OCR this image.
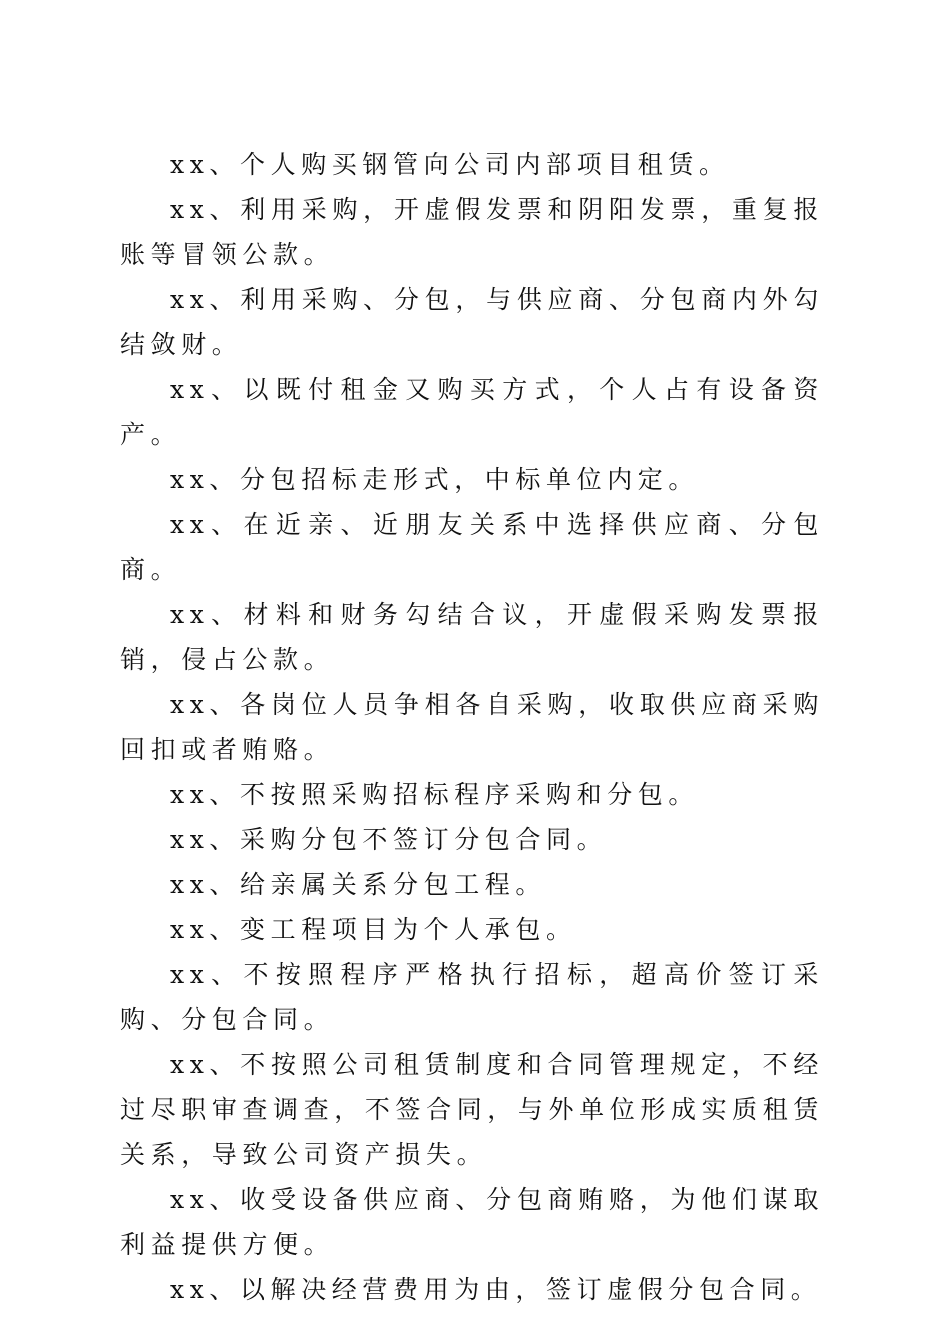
xx、个人购买钢管向公司内部项目租赁。

xx、利用采购，开虚假发票和阴阳发票，重复报账等冒领公款。

xx、利用采购、分包，与供应商、分包商内外勾结敛财。

xx、以既付租金又购买方式，个人占有设备资产。

xx、分包招标走形式，中标单位内定。

xx、在近亲、近朋友关系中选择供应商、分包商。

xx、材料和财务勾结合议，开虚假采购发票报销，侵占公款。

xx、各岗位人员争相各自采购，收取供应商采购回扣或者贿赂。

xx、不按照采购招标程序采购和分包。

xx、采购分包不签订分包合同。

xx、给亲属关系分包工程。

xx、变工程项目为个人承包。

xx、不按照程序严格执行招标，超高价签订采购、分包合同。

xx、不按照公司租赁制度和合同管理规定，不经过尽职审查调查，不签合同，与外单位形成实质租赁关系，导致公司资产损失。

xx、收受设备供应商、分包商贿赂，为他们谋取利益提供方便。

xx、以解决经营费用为由，签订虚假分包合同。
